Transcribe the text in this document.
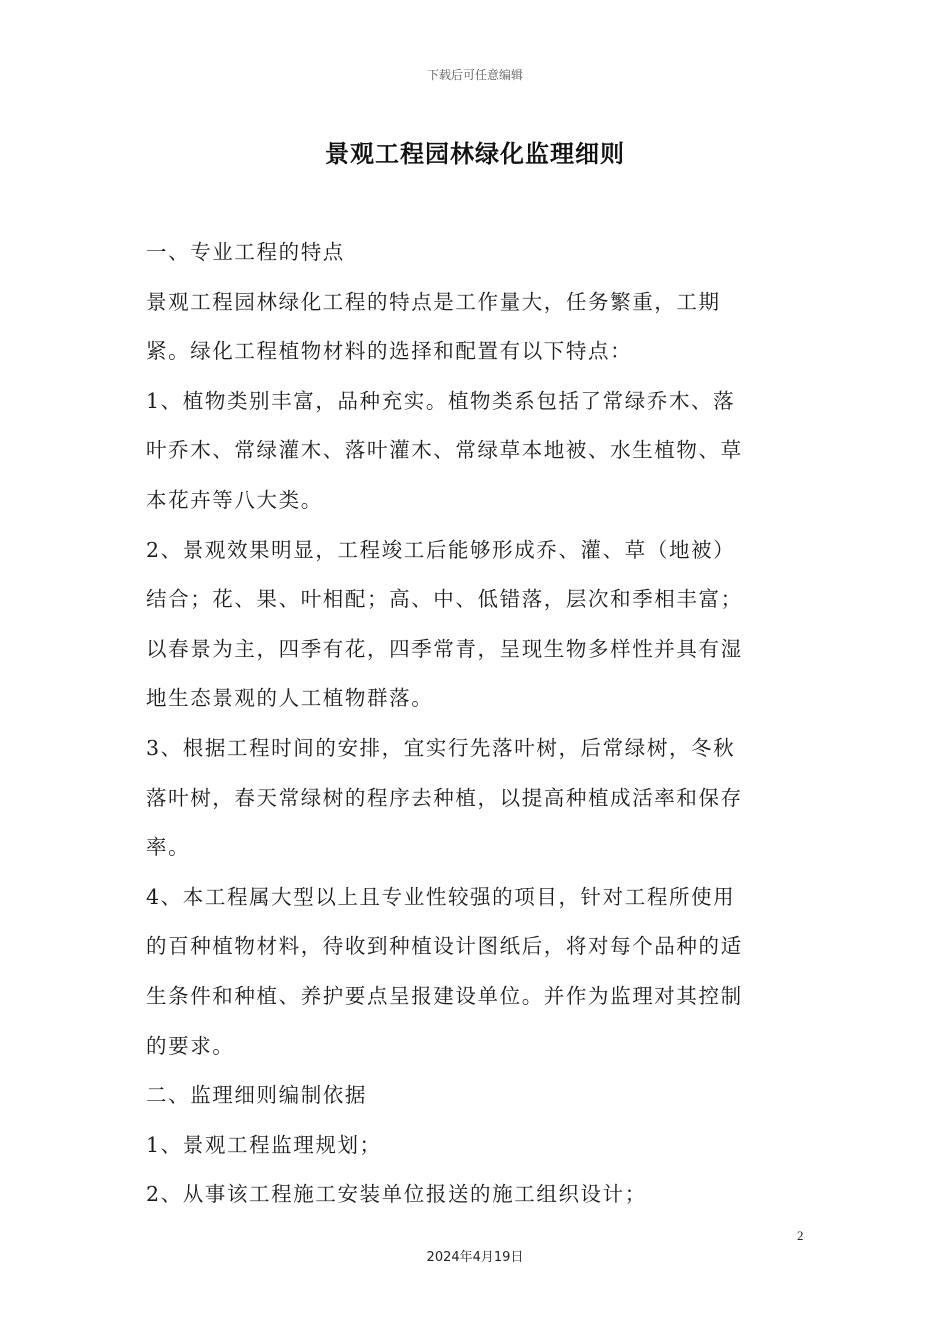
下载后可任意编辑
景观工程园林绿化监理细则
一、专业工程的特点
景观工程园林绿化工程的特点是工作量大，任务繁重，工期
紧。绿化工程植物材料的选择和配置有以下特点：
1、植物类别丰富，品种充实。植物类系包括了常绿乔木、落
叶乔木、常绿灌木、落叶灌木、常绿草本地被、水生植物、草
本花卉等八大类。
2、景观效果明显，工程竣工后能够形成乔、灌、草（地被）
结合；花、果、叶相配；高、中、低错落，层次和季相丰富；
以春景为主，四季有花，四季常青，呈现生物多样性并具有湿
地生态景观的人工植物群落。
3、根据工程时间的安排，宜实行先落叶树，后常绿树，冬秋
落叶树，春天常绿树的程序去种植，以提高种植成活率和保存
率。
4、本工程属大型以上且专业性较强的项目，针对工程所使用
的百种植物材料，待收到种植设计图纸后，将对每个品种的适
生条件和种植、养护要点呈报建设单位。并作为监理对其控制
的要求。
二、监理细则编制依据
1、景观工程监理规划；
2、从事该工程施工安装单位报送的施工组织设计；
2
2024年4月19日
